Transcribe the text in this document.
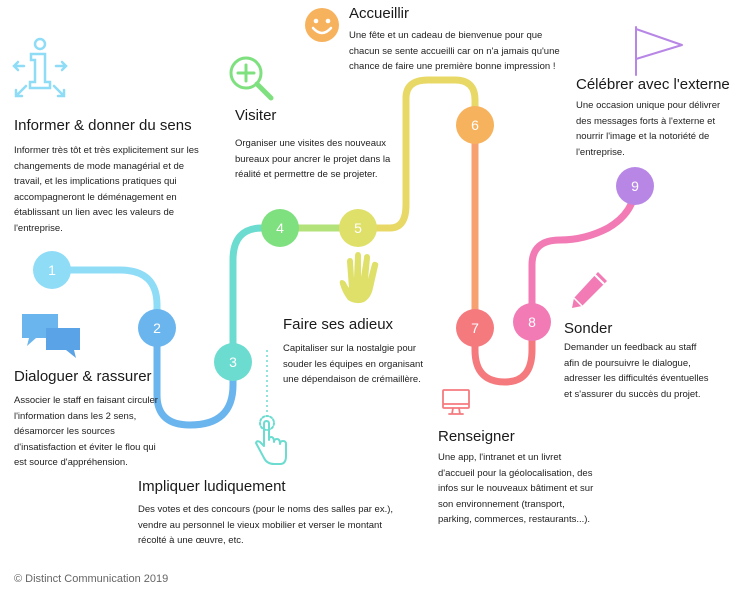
1
2
3
4	5
6
7	8
9
Informer & donner du sens
Dialoguer & rassurer
Impliquer ludiquement
Visiter
Faire ses adieux
Accueillir
Renseigner
Sonder
Célébrer avec l'externe
Informer très tôt et très explicitement sur les changements de mode managérial et de travail, et les implications pratiques qui accompagneront le déménagement en établissant un lien avec les valeurs de l'entreprise.
Associer le staff en faisant circuler l'information dans les 2 sens, désamorcer les sources d'insatisfaction et éviter le flou qui est source d'appréhension.
Des votes et des concours (pour le noms des salles par ex.), vendre au personnel le vieux mobilier et verser le montant récolté à une œuvre, etc.
Organiser une visites des nouveaux bureaux pour ancrer le projet dans la réalité et permettre de se projeter.
Capitaliser sur la nostalgie pour souder les équipes en organisant une dépendaison de crémaillère.
Une fête et un cadeau de bienvenue pour que chacun se sente accueilli car on n'a jamais qu'une chance de faire une première bonne impression !
Une app, l'intranet et un livret d'accueil pour la géolocalisation, des infos sur le nouveaux bâtiment et sur son environnement (transport, parking, commerces, restaurants...).
Demander un feedback au staff afin de poursuivre le dialogue, adresser les difficultés éventuelles et s'assurer du succès du projet.
Une occasion unique pour délivrer des messages forts à l'externe et nourrir l'image et la notoriété de l'entreprise.
© Distinct Communication 2019
